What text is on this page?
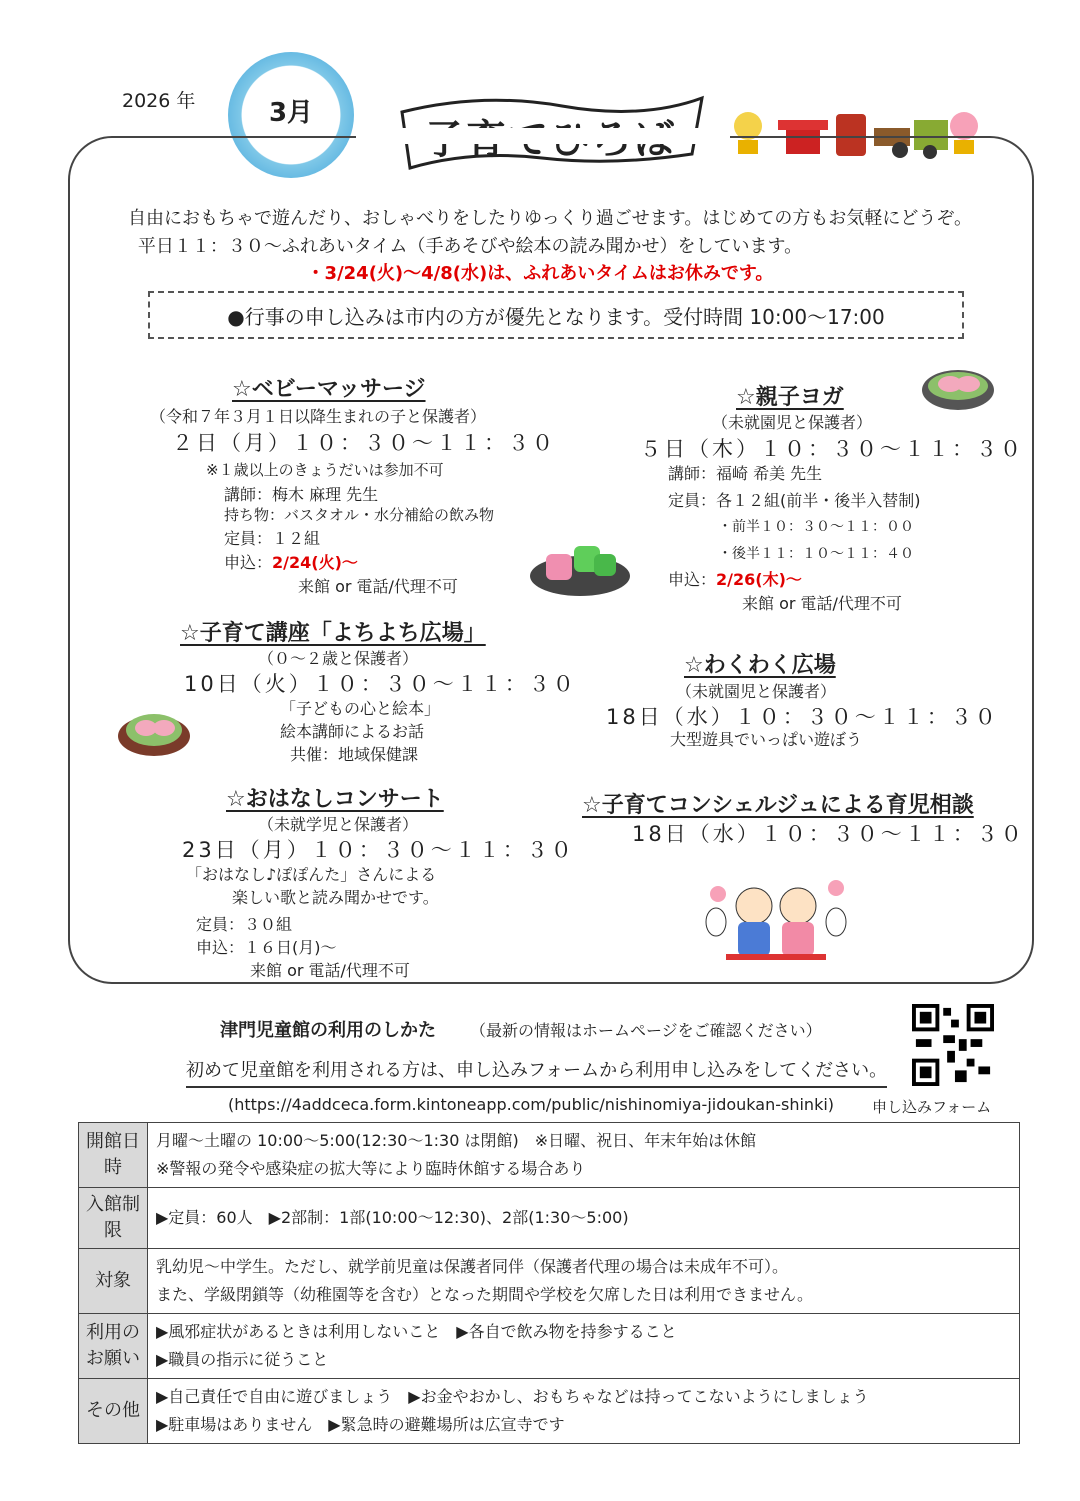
2026 年	3月
自由におもちゃで遊んだり、おしゃべりをしたりゆっくり過ごせます。はじめての方もお気軽にどうぞ。
平日１１：３０～ふれあいタイム（手あそびや絵本の読み聞かせ）をしています。
・3/24(火)～4/8(水)は、ふれあいタイムはお休みです。
●行事の申し込みは市内の方が優先となります。受付時間 10:00～17:00
☆ベビーマッサージ
（令和７年３月１日以降生まれの子と保護者）
２日（月）１０：３０～１１：３０
※１歳以上のきょうだいは参加不可
講師：梅木 麻理 先生
持ち物：バスタオル・水分補給の飲み物
定員：１２組
申込：2/24(火)～
来館 or 電話/代理不可
☆親子ヨガ
（未就園児と保護者）
５日（木）１０：３０～１１：３０
講師：福崎 希美 先生
定員：各１２組(前半・後半入替制)
・前半１０：３０～１１：００
・後半１１：１０～１１：４０
申込：2/26(木)～
来館 or 電話/代理不可
☆子育て講座「よちよち広場」
（０～２歳と保護者）
10日（火）１０：３０～１１：３０
「子どもの心と絵本」
絵本講師によるお話
共催：地域保健課
☆わくわく広場
（未就園児と保護者）
18日（水）１０：３０～１１：３０
大型遊具でいっぱい遊ぼう
☆おはなしコンサート
（未就学児と保護者）
23日（月）１０：３０～１１：３０
「おはなし♪ぽぽんた」さんによる
楽しい歌と読み聞かせです。
定員：３０組
申込：１６日(月)～
来館 or 電話/代理不可
☆子育てコンシェルジュによる育児相談
18日（水）１０：３０～１１：３０
津門児童館の利用のしかた （最新の情報はホームページをご確認ください）
初めて児童館を利用される方は、申し込みフォームから利用申し込みをしてください。
(https://4addceca.form.kintoneapp.com/public/nishinomiya-jidoukan-shinki)	申し込みフォーム
開館日時	月曜～土曜の 10:00～5:00(12:30～1:30 は閉館)　※日曜、祝日、年末年始は休館
※警報の発令や感染症の拡大等により臨時休館する場合あり

入館制限	▶定員：60人　▶2部制：1部(10:00～12:30)、2部(1:30～5:00)

対象	乳幼児～中学生。ただし、就学前児童は保護者同伴（保護者代理の場合は未成年不可）。
また、学級閉鎖等（幼稚園等を含む）となった期間や学校を欠席した日は利用できません。

利用のお願い	▶風邪症状があるときは利用しないこと　▶各自で飲み物を持参すること
▶職員の指示に従うこと

その他	▶自己責任で自由に遊びましょう　▶お金やおかし、おもちゃなどは持ってこないようにしましょう
▶駐車場はありません　▶緊急時の避難場所は広宣寺です
